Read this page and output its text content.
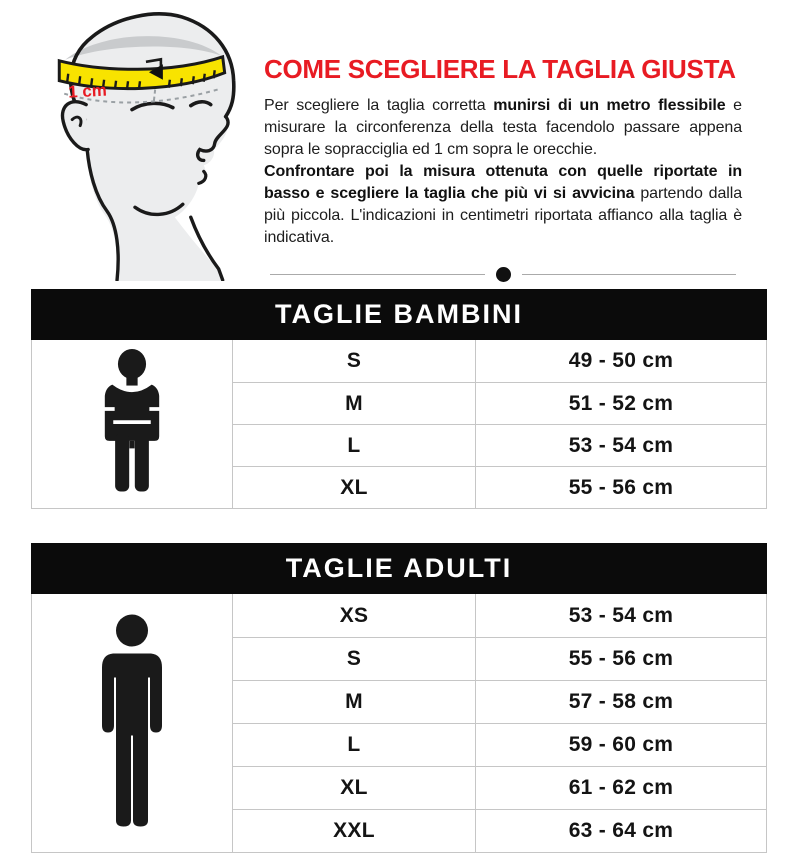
1 cm
COME SCEGLIERE LA TAGLIA GIUSTA

Per scegliere la taglia corretta munirsi di un metro flessibile e misurare la circonferenza della testa facendolo passare appena sopra le sopracciglia ed 1 cm sopra le orecchie.

Confrontare poi la misura ottenuta con quelle riportate in basso e scegliere la taglia che più vi si avvicina partendo dalla più piccola. L'indicazioni in centimetri riportata affianco alla taglia è indicativa.

TAGLIE BAMBINI
S	49 - 50 cm
M	51 - 52 cm
L	53 - 54 cm
XL	55 - 56 cm
TAGLIE ADULTI
XS	53 - 54 cm
S	55 - 56 cm
M	57 - 58 cm
L	59 - 60 cm
XL	61 - 62 cm
XXL	63 - 64 cm
